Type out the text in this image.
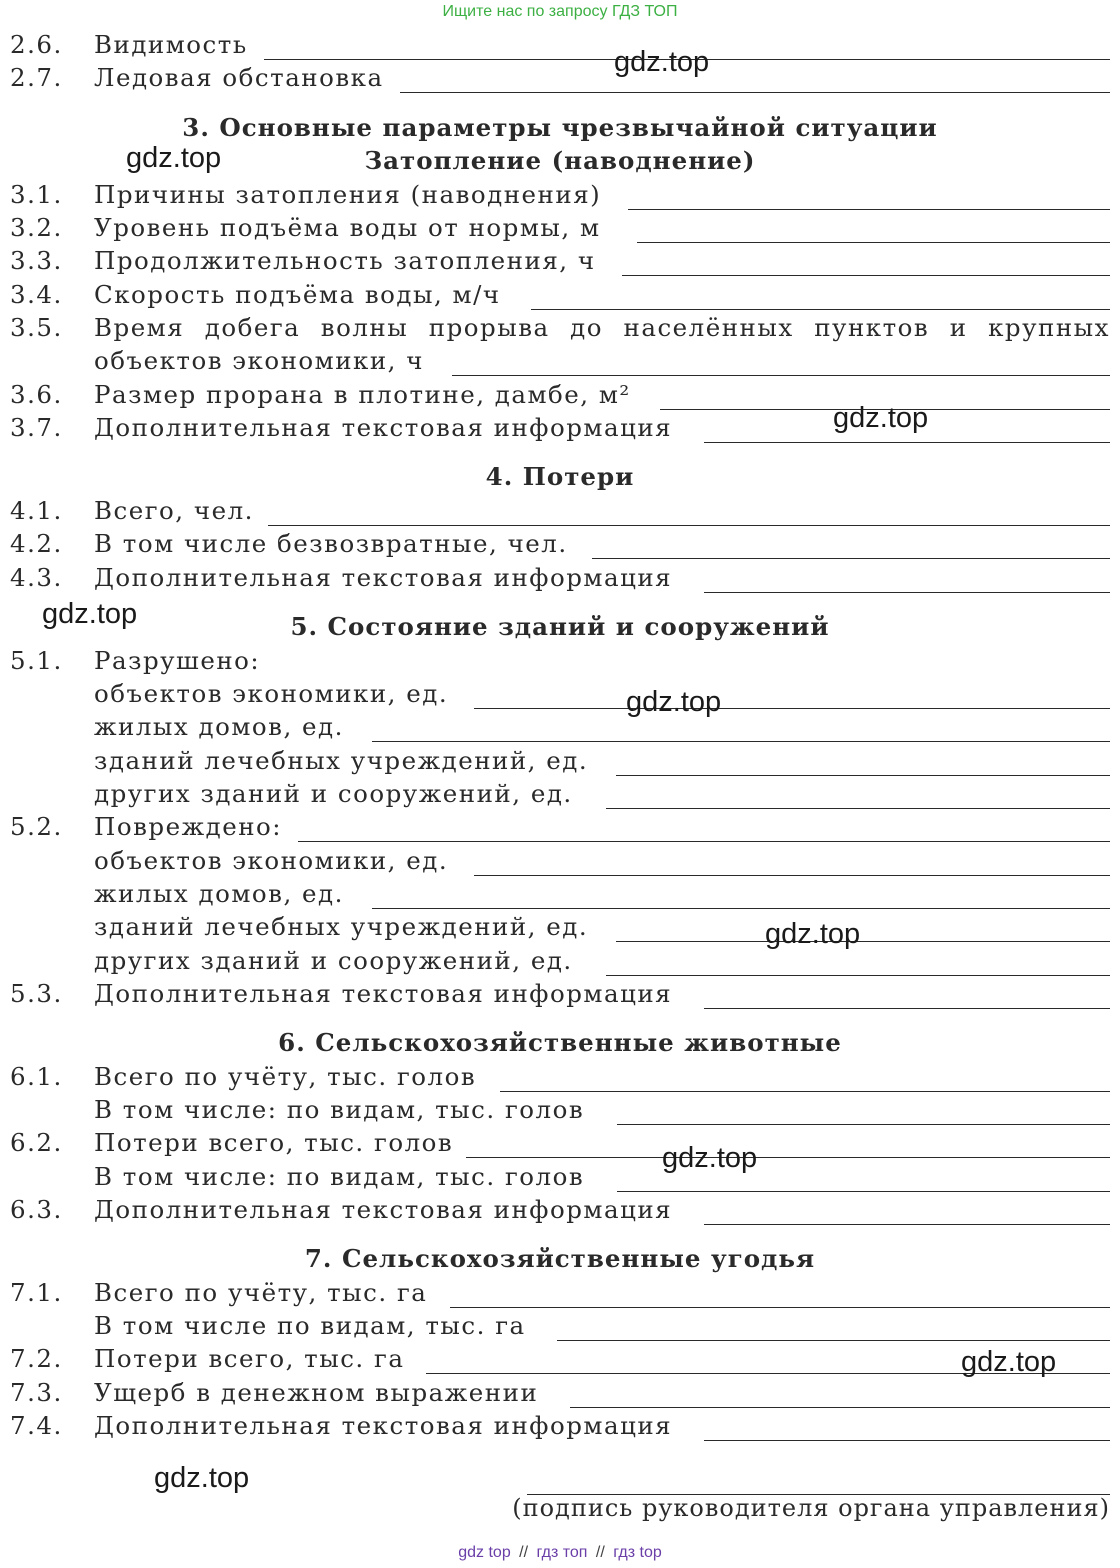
Ищите нас по запросу ГДЗ ТОП
2.6. Видимость
2.7. Ледовая обстановка
3. Основные параметры чрезвычайной ситуации
Затопление (наводнение)
3.1. Причины затопления (наводнения)
3.2. Уровень подъёма воды от нормы, м
3.3. Продолжительность затопления, ч
3.4. Скорость подъёма воды, м/ч
3.5. Время добега волны прорыва до населённых пунктов и крупных
объектов экономики, ч
3.6. Размер прорана в плотине, дамбе, м²
3.7. Дополнительная текстовая информация
4. Потери
4.1. Всего, чел.
4.2. В том числе безвозвратные, чел.
4.3. Дополнительная текстовая информация
5. Состояние зданий и сооружений
5.1. Разрушено:
объектов экономики, ед.
жилых домов, ед.
зданий лечебных учреждений, ед.
других зданий и сооружений, ед.
5.2. Повреждено:
объектов экономики, ед.
жилых домов, ед.
зданий лечебных учреждений, ед.
других зданий и сооружений, ед.
5.3. Дополнительная текстовая информация
6. Сельскохозяйственные животные
6.1. Всего по учёту, тыс. голов
В том числе: по видам, тыс. голов
6.2. Потери всего, тыс. голов
В том числе: по видам, тыс. голов
6.3. Дополнительная текстовая информация
7. Сельскохозяйственные угодья
7.1. Всего по учёту, тыс. га
В том числе по видам, тыс. га
7.2. Потери всего, тыс. га
7.3. Ущерб в денежном выражении
7.4. Дополнительная текстовая информация
(подпись руководителя органа управления)
gdz.top
gdz.top
gdz.top
gdz.top
gdz.top
gdz.top
gdz.top
gdz.top
gdz.top
gdz top // гдз топ // гдз top
